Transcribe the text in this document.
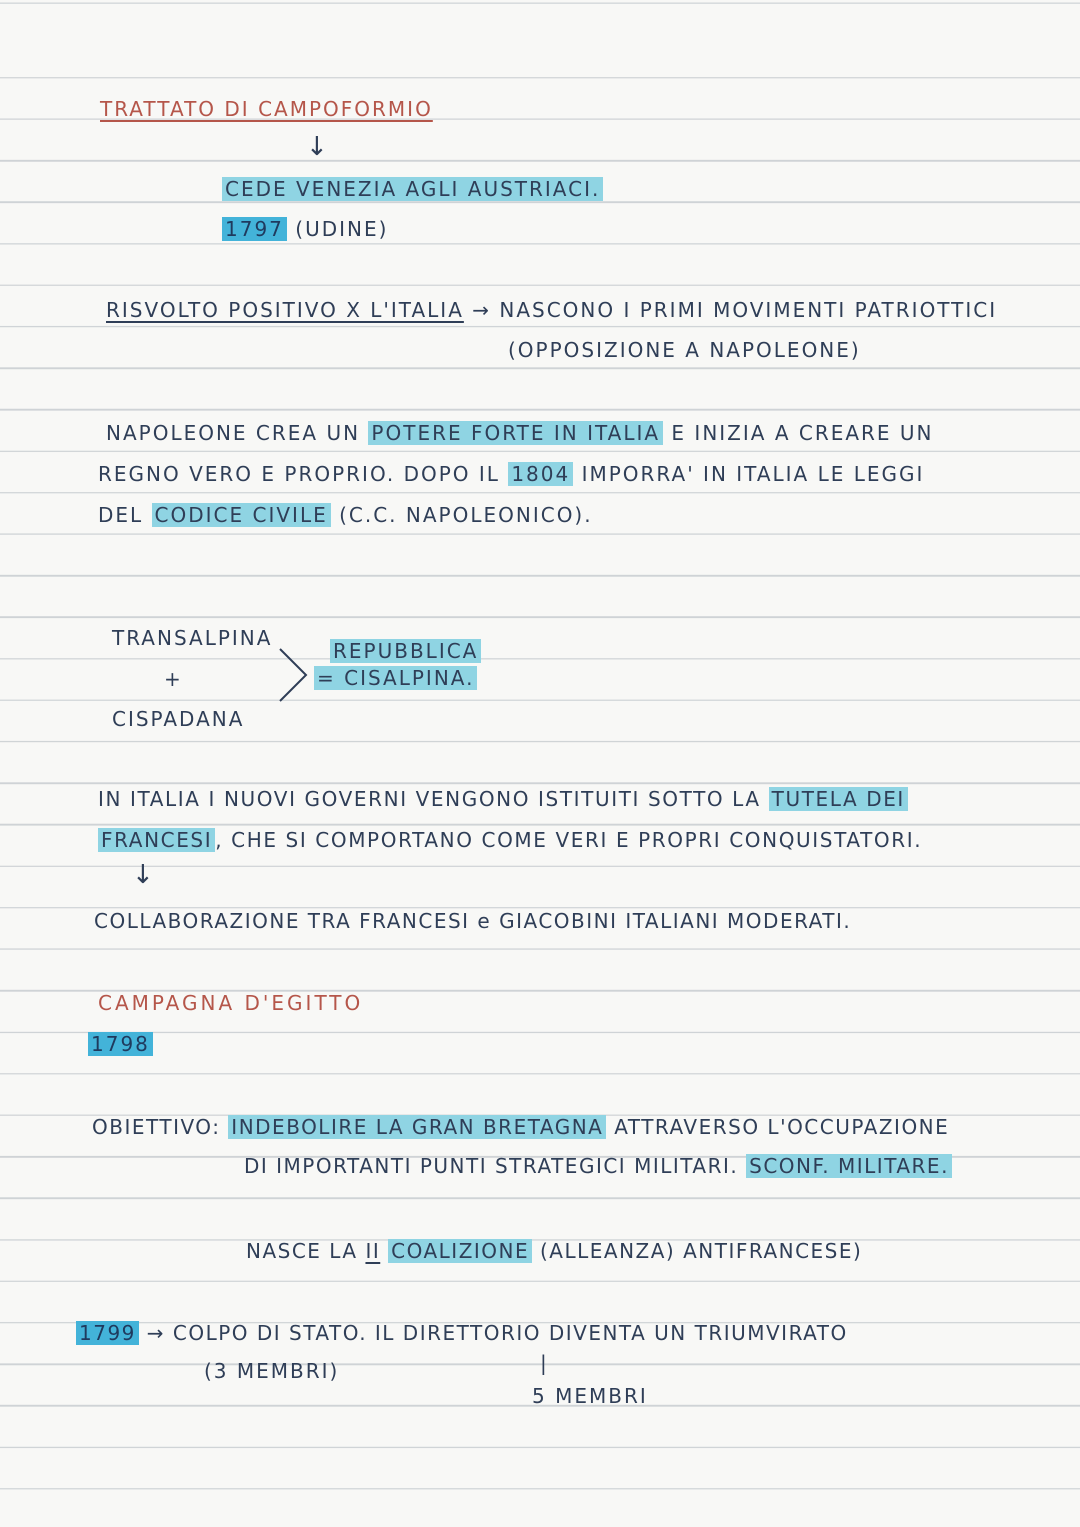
TRATTATO DI CAMPOFORMIO
↓
CEDE VENEZIA AGLI AUSTRIACI.
1797 (UDINE)
RISVOLTO POSITIVO X L'ITALIA → NASCONO I PRIMI MOVIMENTI PATRIOTTICI
(OPPOSIZIONE A NAPOLEONE)
NAPOLEONE CREA UN POTERE FORTE IN ITALIA E INIZIA A CREARE UN
REGNO VERO E PROPRIO. DOPO IL 1804 IMPORRA' IN ITALIA LE LEGGI
DEL CODICE CIVILE (C.C. NAPOLEONICO).
TRANSALPINA
+
CISPADANA
REPUBBLICA
= CISALPINA.
IN ITALIA I NUOVI GOVERNI VENGONO ISTITUITI SOTTO LA TUTELA DEI
FRANCESI , CHE SI COMPORTANO COME VERI E PROPRI CONQUISTATORI.
↓
COLLABORAZIONE TRA FRANCESI e GIACOBINI ITALIANI MODERATI.
CAMPAGNA D'EGITTO
1798
OBIETTIVO: INDEBOLIRE LA GRAN BRETAGNA ATTRAVERSO L'OCCUPAZIONE
DI IMPORTANTI PUNTI STRATEGICI MILITARI. SCONF. MILITARE.
NASCE LA II COALIZIONE (ALLEANZA) ANTIFRANCESE)
1799 → COLPO DI STATO. IL DIRETTORIO DIVENTA UN TRIUMVIRATO
(3 MEMBRI)	|
5 MEMBRI
